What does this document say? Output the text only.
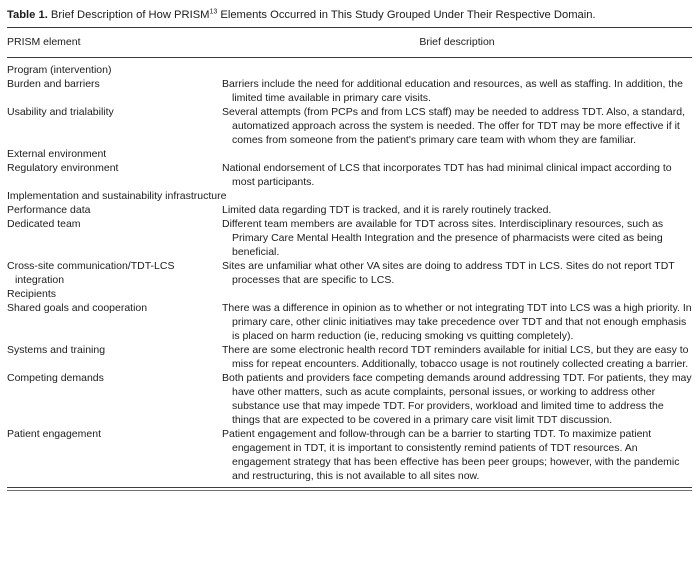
Table 1. Brief Description of How PRISM$^{13}$ Elements Occurred in This Study Grouped Under Their Respective Domain.

PRISM element	Brief description
Program (intervention)	

Burden and barriers	Barriers include the need for additional education and resources, as well as staffing. In addition, the limited time available in primary care visits.

Usability and trialability	Several attempts (from PCPs and from LCS staff) may be needed to address TDT. Also, a standard, automatized approach across the system is needed. The offer for TDT may be more effective if it comes from someone from the patient's primary care team with whom they are familiar.
External environment	

Regulatory environment	National endorsement of LCS that incorporates TDT has had minimal clinical impact according to most participants.
Implementation and sustainability infrastructure	

Performance data	Limited data regarding TDT is tracked, and it is rarely routinely tracked.

Dedicated team	Different team members are available for TDT across sites. Interdisciplinary resources, such as Primary Care Mental Health Integration and the presence of pharmacists were cited as being beneficial.

Cross-site communication/TDT-LCS integration	Sites are unfamiliar what other VA sites are doing to address TDT in LCS. Sites do not report TDT processes that are specific to LCS.
Recipients	

Shared goals and cooperation	There was a difference in opinion as to whether or not integrating TDT into LCS was a high priority. In primary care, other clinic initiatives may take precedence over TDT and that not enough emphasis is placed on harm reduction (ie, reducing smoking vs quitting completely).

Systems and training	There are some electronic health record TDT reminders available for initial LCS, but they are easy to miss for repeat encounters. Additionally, tobacco usage is not routinely collected creating a barrier.

Competing demands	Both patients and providers face competing demands around addressing TDT. For patients, they may have other matters, such as acute complaints, personal issues, or working to address other substance use that may impede TDT. For providers, workload and limited time to address the things that are expected to be covered in a primary care visit limit TDT discussion.

Patient engagement	Patient engagement and follow-through can be a barrier to starting TDT. To maximize patient engagement in TDT, it is important to consistently remind patients of TDT resources. An engagement strategy that has been effective has been peer groups; however, with the pandemic and restructuring, this is not available to all sites now.
